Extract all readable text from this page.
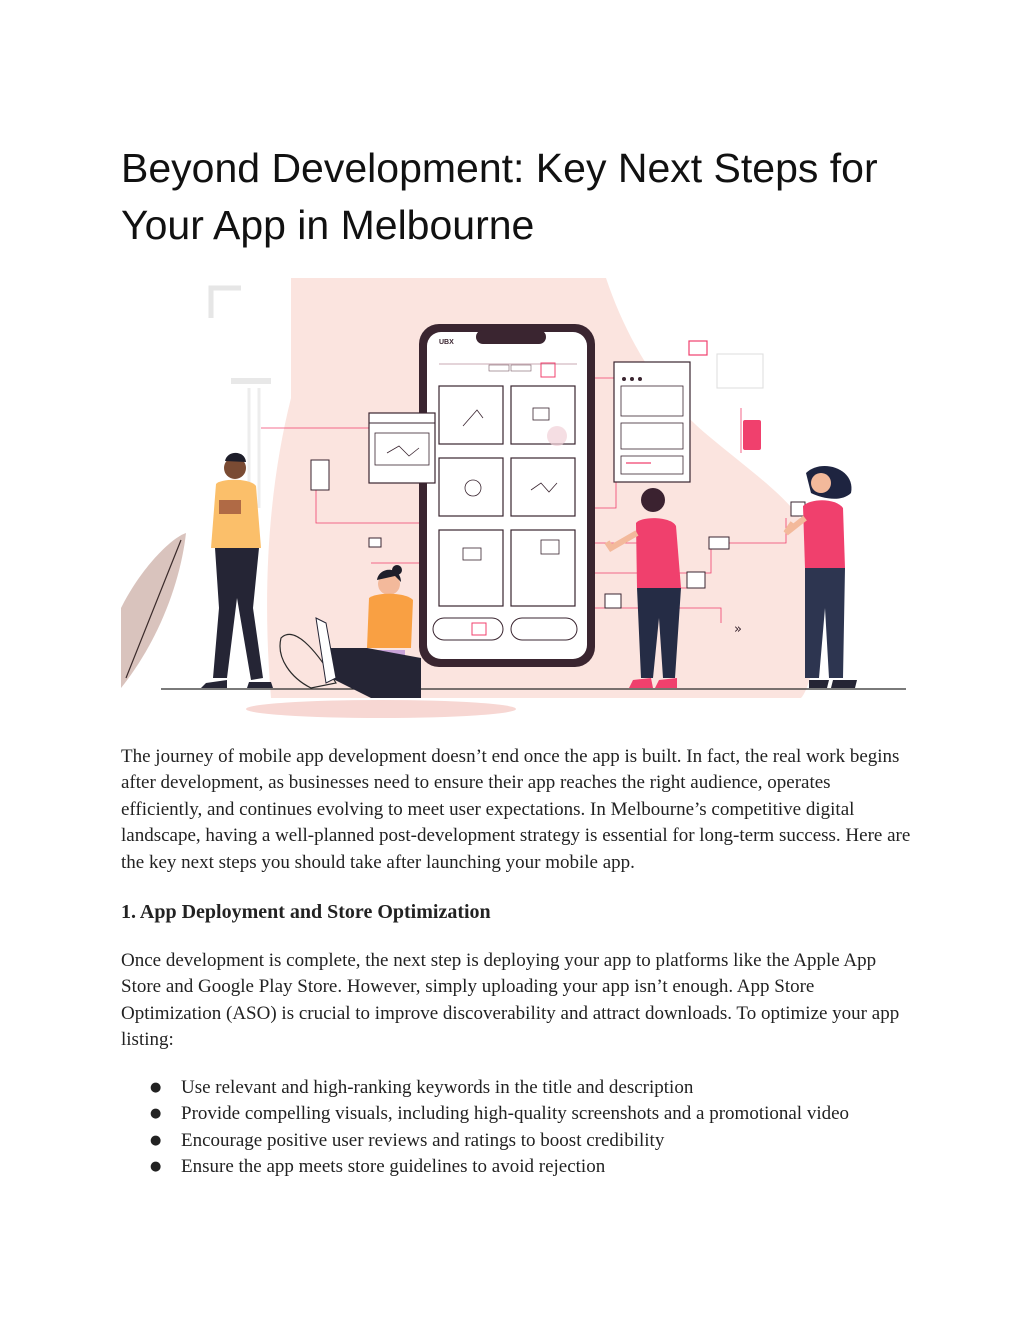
Beyond Development: Key Next Steps for Your App in Melbourne
UBX
»

The journey of mobile app development doesn’t end once the app is built. In fact, the real work begins after development, as businesses need to ensure their app reaches the right audience, operates efficiently, and continues evolving to meet user expectations. In Melbourne’s competitive digital landscape, having a well-planned post-development strategy is essential for long-term success. Here are the key next steps you should take after launching your mobile app.

1. App Deployment and Store Optimization

Once development is complete, the next step is deploying your app to platforms like the Apple App Store and Google Play Store. However, simply uploading your app isn’t enough. App Store Optimization (ASO) is crucial to improve discoverability and attract downloads. To optimize your app listing:

● Use relevant and high-ranking keywords in the title and description
● Provide compelling visuals, including high-quality screenshots and a promotional video
● Encourage positive user reviews and ratings to boost credibility
● Ensure the app meets store guidelines to avoid rejection
